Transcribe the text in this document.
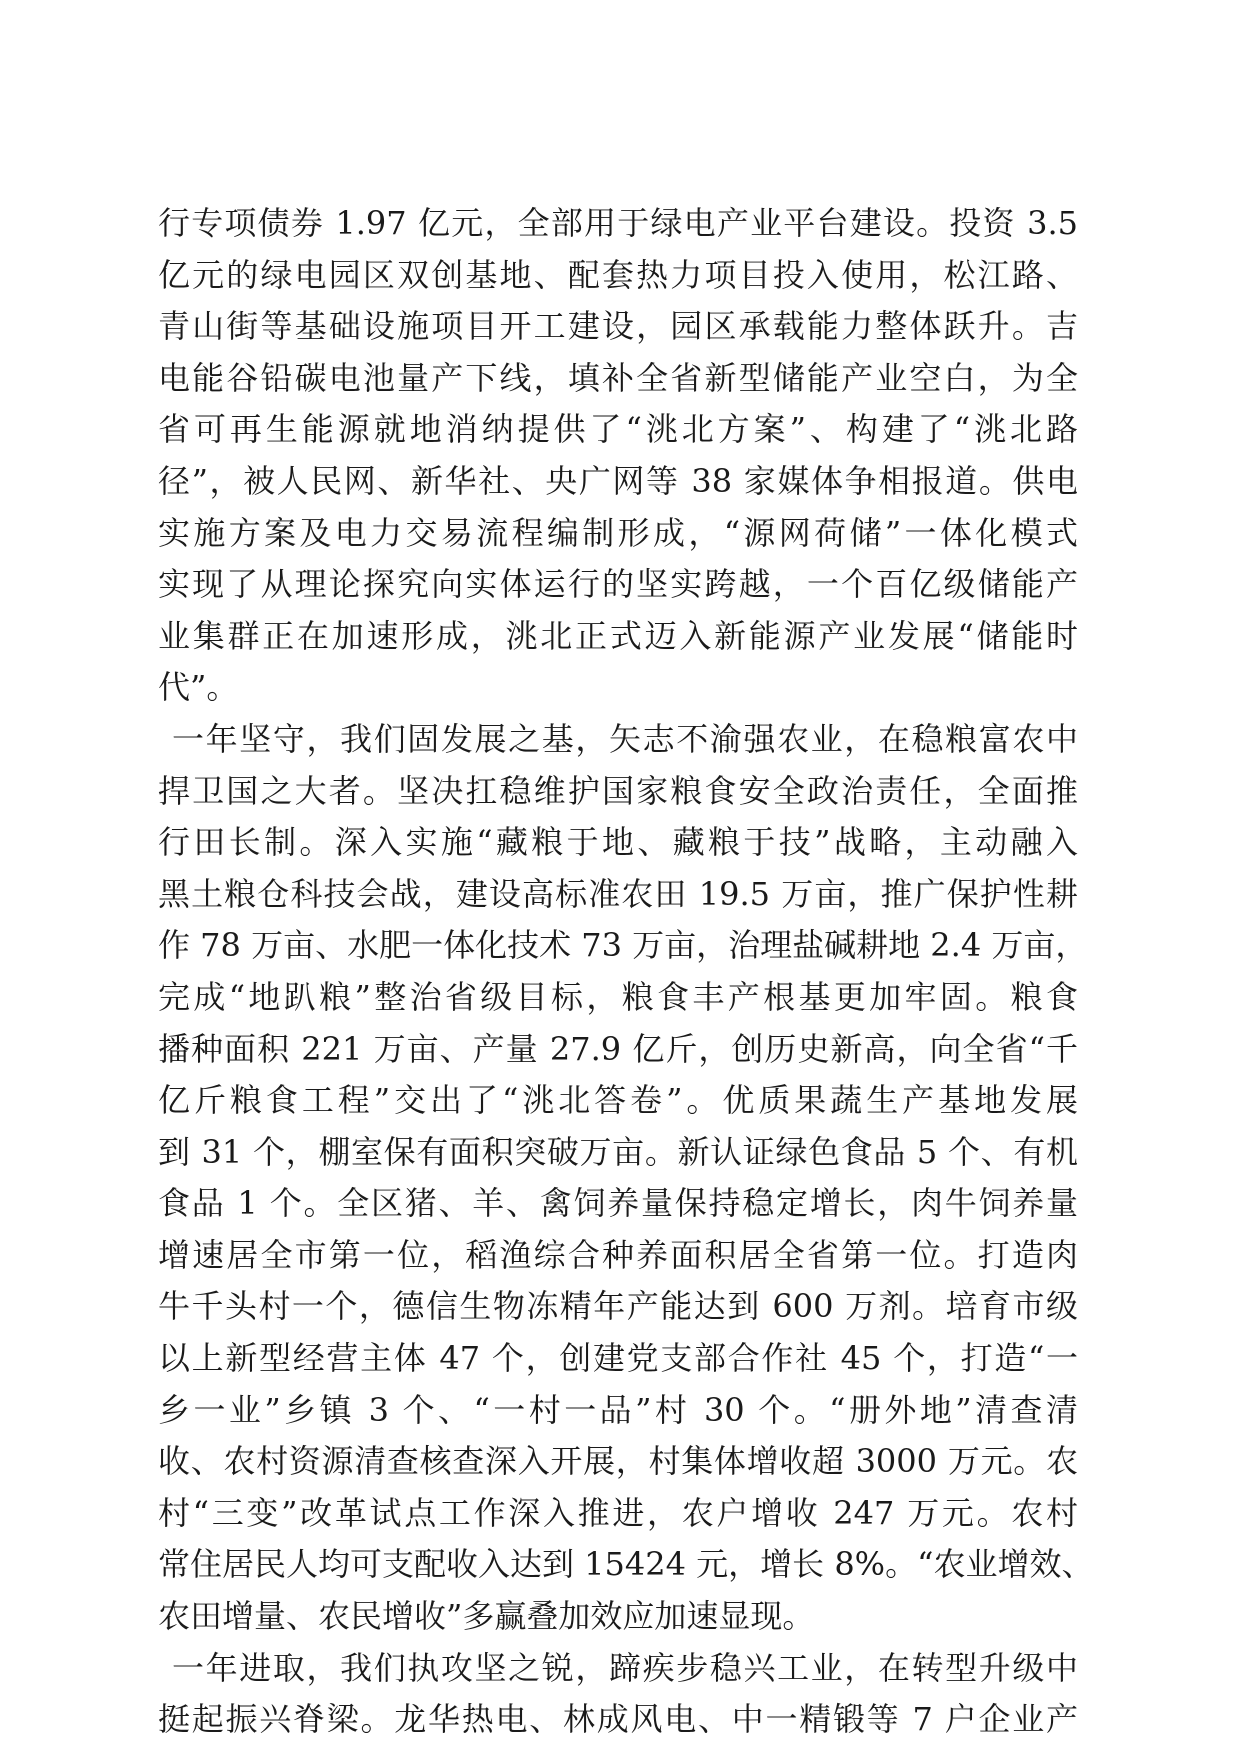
行专项债券 1.97 亿元，全部用于绿电产业平台建设。投资 3.5
亿元的绿电园区双创基地、配套热力项目投入使用，松江路、
青山街等基础设施项目开工建设，园区承载能力整体跃升。吉
电能谷铅碳电池量产下线，填补全省新型储能产业空白，为全
省可再生能源就地消纳提供了“洮北方案”、构建了“洮北路
径”，被人民网、新华社、央广网等 38 家媒体争相报道。供电
实施方案及电力交易流程编制形成，“源网荷储”一体化模式
实现了从理论探究向实体运行的坚实跨越，一个百亿级储能产
业集群正在加速形成，洮北正式迈入新能源产业发展“储能时
代”。
一年坚守，我们固发展之基，矢志不渝强农业，在稳粮富农中
捍卫国之大者。坚决扛稳维护国家粮食安全政治责任，全面推
行田长制。深入实施“藏粮于地、藏粮于技”战略，主动融入
黑土粮仓科技会战，建设高标准农田 19.5 万亩，推广保护性耕
作 78 万亩、水肥一体化技术 73 万亩，治理盐碱耕地 2.4 万亩，
完成“地趴粮”整治省级目标，粮食丰产根基更加牢固。粮食
播种面积 221 万亩、产量 27.9 亿斤，创历史新高，向全省“千
亿斤粮食工程”交出了“洮北答卷”。优质果蔬生产基地发展
到 31 个，棚室保有面积突破万亩。新认证绿色食品 5 个、有机
食品 1 个。全区猪、羊、禽饲养量保持稳定增长，肉牛饲养量
增速居全市第一位，稻渔综合种养面积居全省第一位。打造肉
牛千头村一个，德信生物冻精年产能达到 600 万剂。培育市级
以上新型经营主体 47 个，创建党支部合作社 45 个，打造“一
乡一业”乡镇 3 个、“一村一品”村 30 个。“册外地”清查清
收、农村资源清查核查深入开展，村集体增收超 3000 万元。农
村“三变”改革试点工作深入推进，农户增收 247 万元。农村
常住居民人均可支配收入达到 15424 元，增长 8%。“农业增效、
农田增量、农民增收”多赢叠加效应加速显现。
一年进取，我们执攻坚之锐，蹄疾步稳兴工业，在转型升级中
挺起振兴脊梁。龙华热电、林成风电、中一精锻等 7 户企业产
